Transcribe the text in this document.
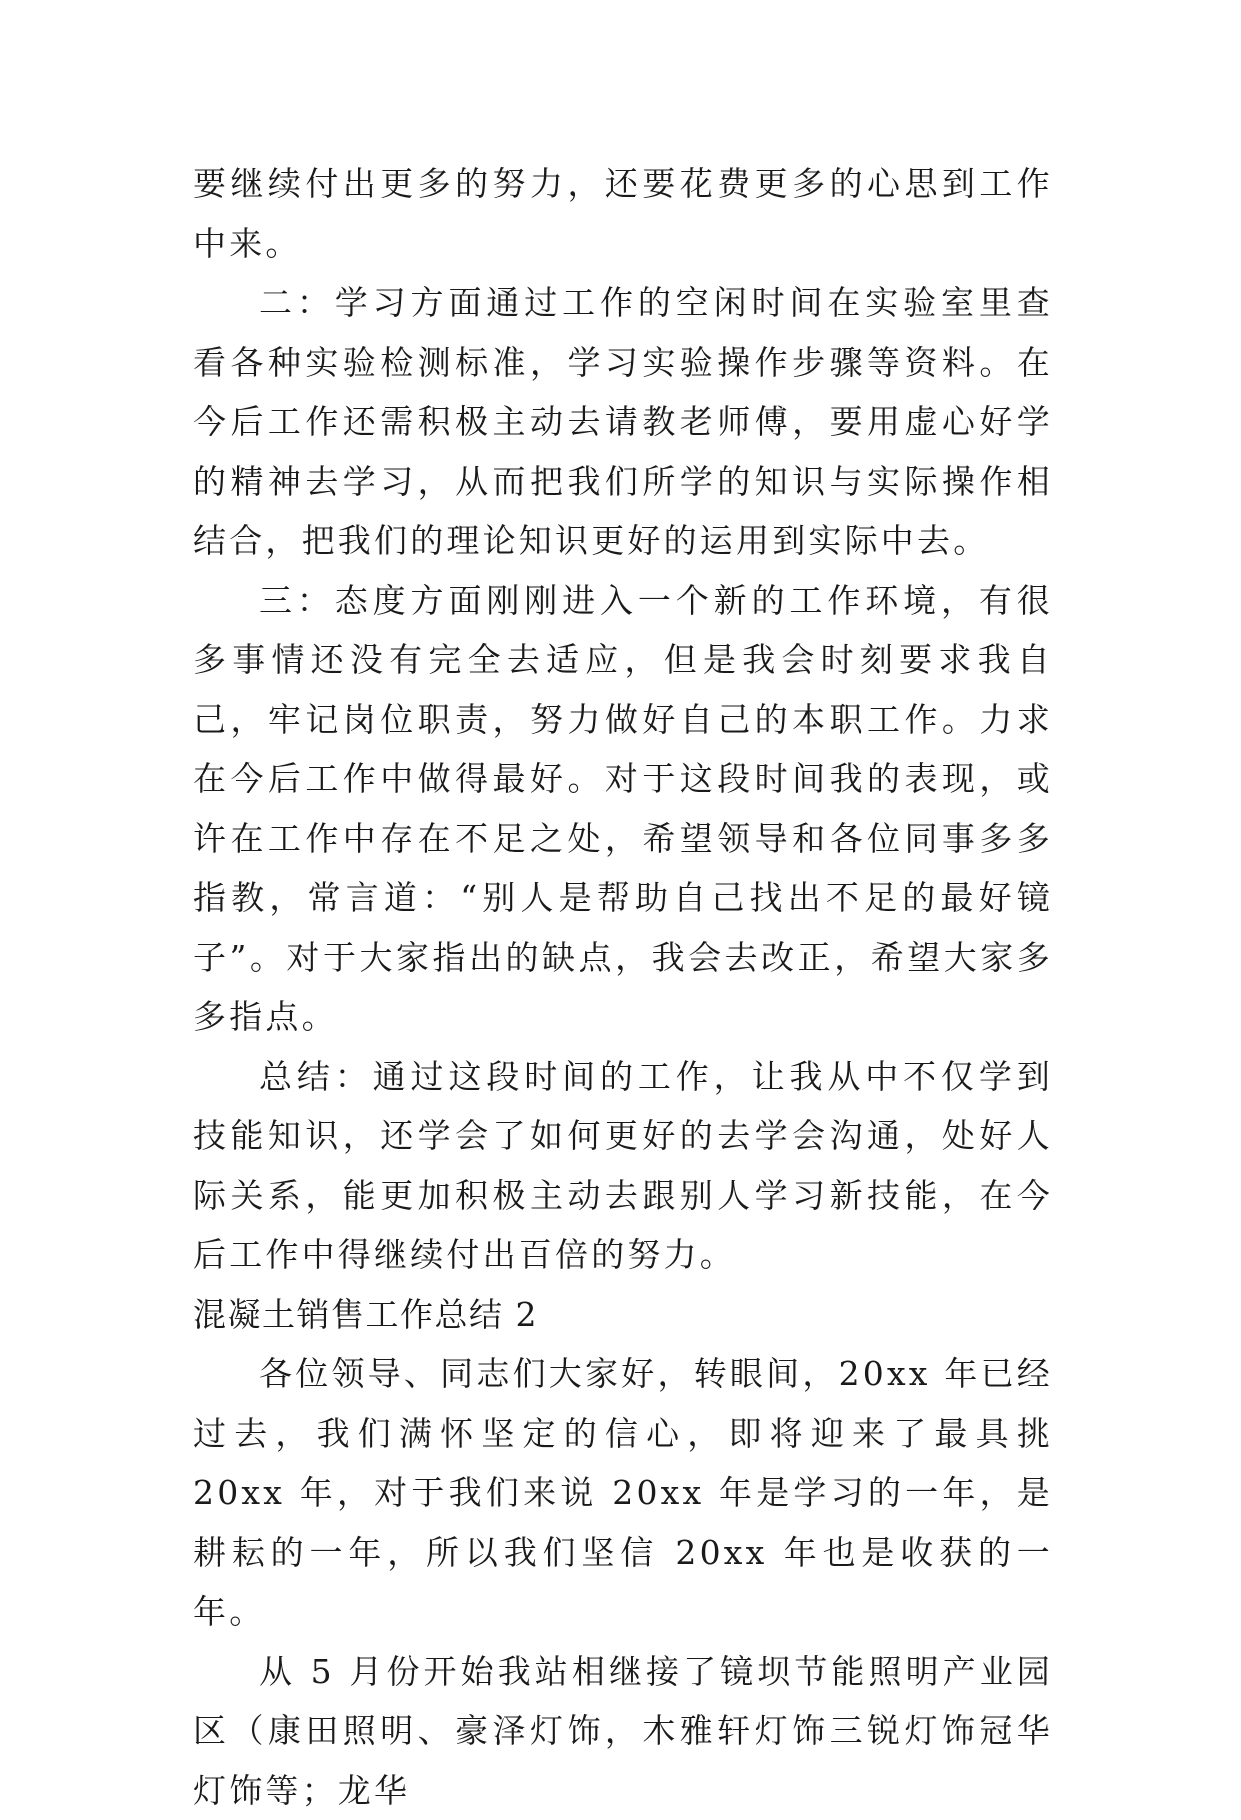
要继续付出更多的努力，还要花费更多的心思到工作中来。

二：学习方面通过工作的空闲时间在实验室里查看各种实验检测标准，学习实验操作步骤等资料。在今后工作还需积极主动去请教老师傅，要用虚心好学的精神去学习，从而把我们所学的知识与实际操作相结合，把我们的理论知识更好的运用到实际中去。

三：态度方面刚刚进入一个新的工作环境，有很多事情还没有完全去适应，但是我会时刻要求我自己，牢记岗位职责，努力做好自己的本职工作。力求在今后工作中做得最好。对于这段时间我的表现，或许在工作中存在不足之处，希望领导和各位同事多多指教，常言道：“别人是帮助自己找出不足的最好镜子”。对于大家指出的缺点，我会去改正，希望大家多多指点。

总结：通过这段时间的工作，让我从中不仅学到技能知识，还学会了如何更好的去学会沟通，处好人际关系，能更加积极主动去跟别人学习新技能，在今后工作中得继续付出百倍的努力。

混凝土销售工作总结 2

各位领导、同志们大家好，转眼间，20xx 年已经过去，我们满怀坚定的信心，即将迎来了最具挑 20xx 年，对于我们来说 20xx 年是学习的一年，是耕耘的一年，所以我们坚信 20xx 年也是收获的一年。

从 5 月份开始我站相继接了镜坝节能照明产业园区（康田照明、豪泽灯饰，木雅轩灯饰三锐灯饰冠华灯饰等；龙华
